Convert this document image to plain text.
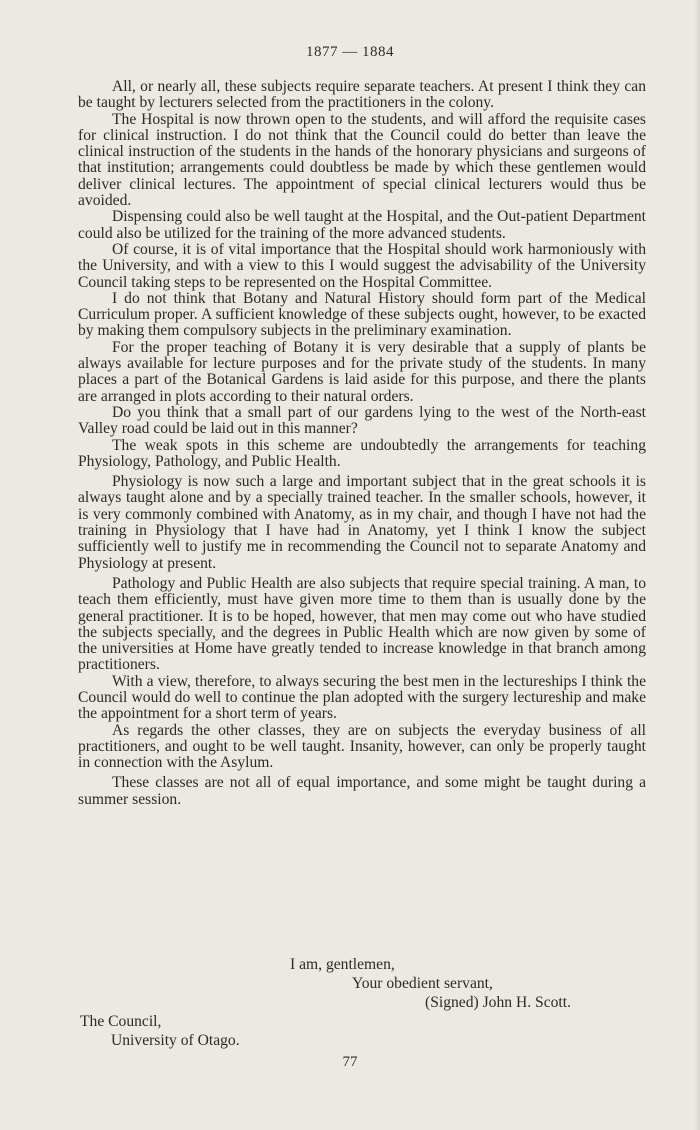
1877 — 1884

All, or nearly all, these subjects require separate teachers. At present I think they can be taught by lecturers selected from the practitioners in the colony.

The Hospital is now thrown open to the students, and will afford the requisite cases for clinical instruction. I do not think that the Council could do better than leave the clinical instruction of the students in the hands of the honorary physicians and surgeons of that institution; arrangements could doubtless be made by which these gentlemen would deliver clinical lectures. The appointment of special clinical lecturers would thus be avoided.

Dispensing could also be well taught at the Hospital, and the Out-patient Department could also be utilized for the training of the more advanced students.

Of course, it is of vital importance that the Hospital should work harmoniously with the University, and with a view to this I would suggest the advisability of the University Council taking steps to be represented on the Hospital Committee.

I do not think that Botany and Natural History should form part of the Medical Curriculum proper. A sufficient knowledge of these subjects ought, however, to be exacted by making them compulsory subjects in the preliminary examination.

For the proper teaching of Botany it is very desirable that a supply of plants be always available for lecture purposes and for the private study of the students. In many places a part of the Botanical Gardens is laid aside for this purpose, and there the plants are arranged in plots according to their natural orders.

Do you think that a small part of our gardens lying to the west of the North-east Valley road could be laid out in this manner?

The weak spots in this scheme are undoubtedly the arrangements for teaching Physiology, Pathology, and Public Health.

Physiology is now such a large and important subject that in the great schools it is always taught alone and by a specially trained teacher. In the smaller schools, however, it is very commonly combined with Anatomy, as in my chair, and though I have not had the training in Physiology that I have had in Anatomy, yet I think I know the subject sufficiently well to justify me in recommending the Council not to separate Anatomy and Physiology at present.

Pathology and Public Health are also subjects that require special training. A man, to teach them efficiently, must have given more time to them than is usually done by the general practitioner. It is to be hoped, however, that men may come out who have studied the subjects specially, and the degrees in Public Health which are now given by some of the universities at Home have greatly tended to increase knowledge in that branch among practitioners.

With a view, therefore, to always securing the best men in the lectureships I think the Council would do well to continue the plan adopted with the surgery lectureship and make the appointment for a short term of years.

As regards the other classes, they are on subjects the everyday business of all practitioners, and ought to be well taught. Insanity, however, can only be properly taught in connection with the Asylum.

These classes are not all of equal importance, and some might be taught during a summer session.

I am, gentlemen,
Your obedient servant,
(Signed) John H. Scott.
The Council,
University of Otago.
77
